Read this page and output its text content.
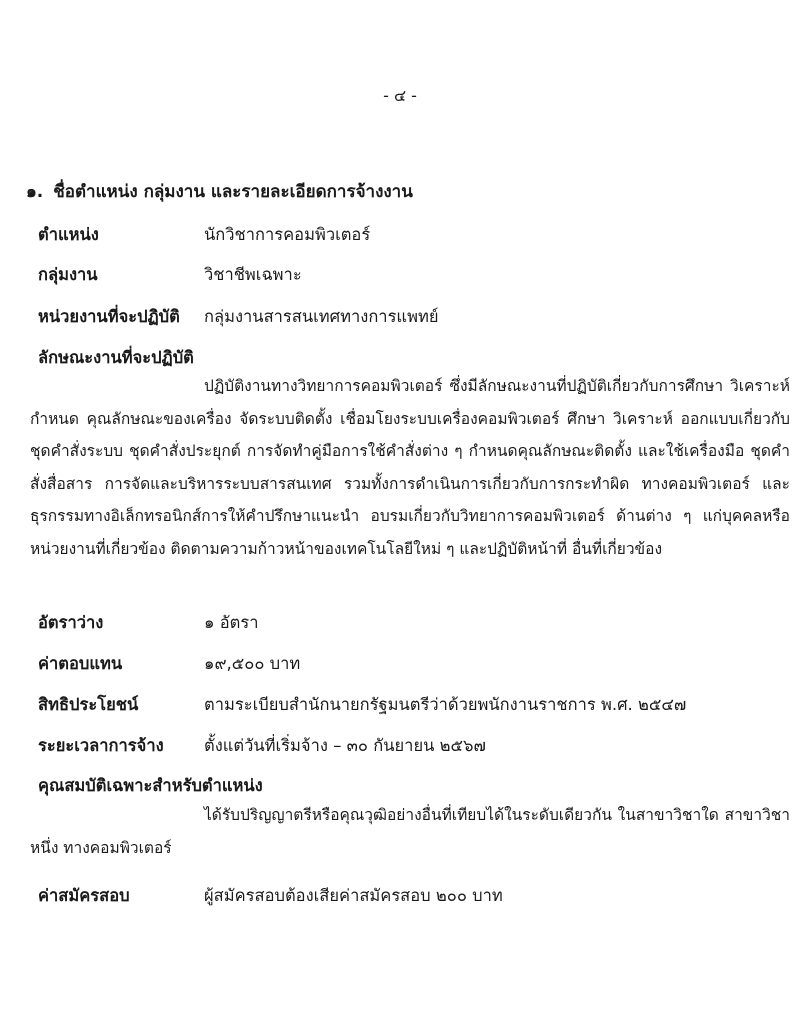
- ๔ -
๑. ชื่อตำแหน่ง กลุ่มงาน และรายละเอียดการจ้างงาน
ตำแหน่ง	นักวิชาการคอมพิวเตอร์
กลุ่มงาน	วิชาชีพเฉพาะ
หน่วยงานที่จะปฏิบัติ กลุ่มงานสารสนเทศทางการแพทย์
ลักษณะงานที่จะปฏิบัติ

ปฏิบัติงานทางวิทยาการคอมพิวเตอร์ ซึ่งมีลักษณะงานที่ปฏิบัติเกี่ยวกับการศึกษา วิเคราะห์กำหนด คุณลักษณะของเครื่อง จัดระบบติดตั้ง เชื่อมโยงระบบเครื่องคอมพิวเตอร์ ศึกษา วิเคราะห์ ออกแบบเกี่ยวกับ ชุดคำสั่งระบบ ชุดคำสั่งประยุกต์ การจัดทำคู่มือการใช้คำสั่งต่าง ๆ กำหนดคุณลักษณะติดตั้ง และใช้เครื่องมือ ชุดคำสั่งสื่อสาร การจัดและบริหารระบบสารสนเทศ รวมทั้งการดำเนินการเกี่ยวกับการกระทำผิด ทางคอมพิวเตอร์ และธุรกรรมทางอิเล็กทรอนิกส์การให้คำปรึกษาแนะนำ อบรมเกี่ยวกับวิทยาการคอมพิวเตอร์ ด้านต่าง ๆ แก่บุคคลหรือหน่วยงานที่เกี่ยวข้อง ติดตามความก้าวหน้าของเทคโนโลยีใหม่ ๆ และปฏิบัติหน้าที่ อื่นที่เกี่ยวข้อง

อัตราว่าง	๑ อัตรา
ค่าตอบแทน	๑๙,๕๐๐ บาท
สิทธิประโยชน์	ตามระเบียบสำนักนายกรัฐมนตรีว่าด้วยพนักงานราชการ พ.ศ. ๒๕๔๗
ระยะเวลาการจ้าง ตั้งแต่วันที่เริ่มจ้าง – ๓๐ กันยายน ๒๕๖๗
คุณสมบัติเฉพาะสำหรับตำแหน่ง

ได้รับปริญญาตรีหรือคุณวุฒิอย่างอื่นที่เทียบได้ในระดับเดียวกัน ในสาขาวิชาใด สาขาวิชาหนึ่ง ทางคอมพิวเตอร์

ค่าสมัครสอบ	ผู้สมัครสอบต้องเสียค่าสมัครสอบ ๒๐๐ บาท
